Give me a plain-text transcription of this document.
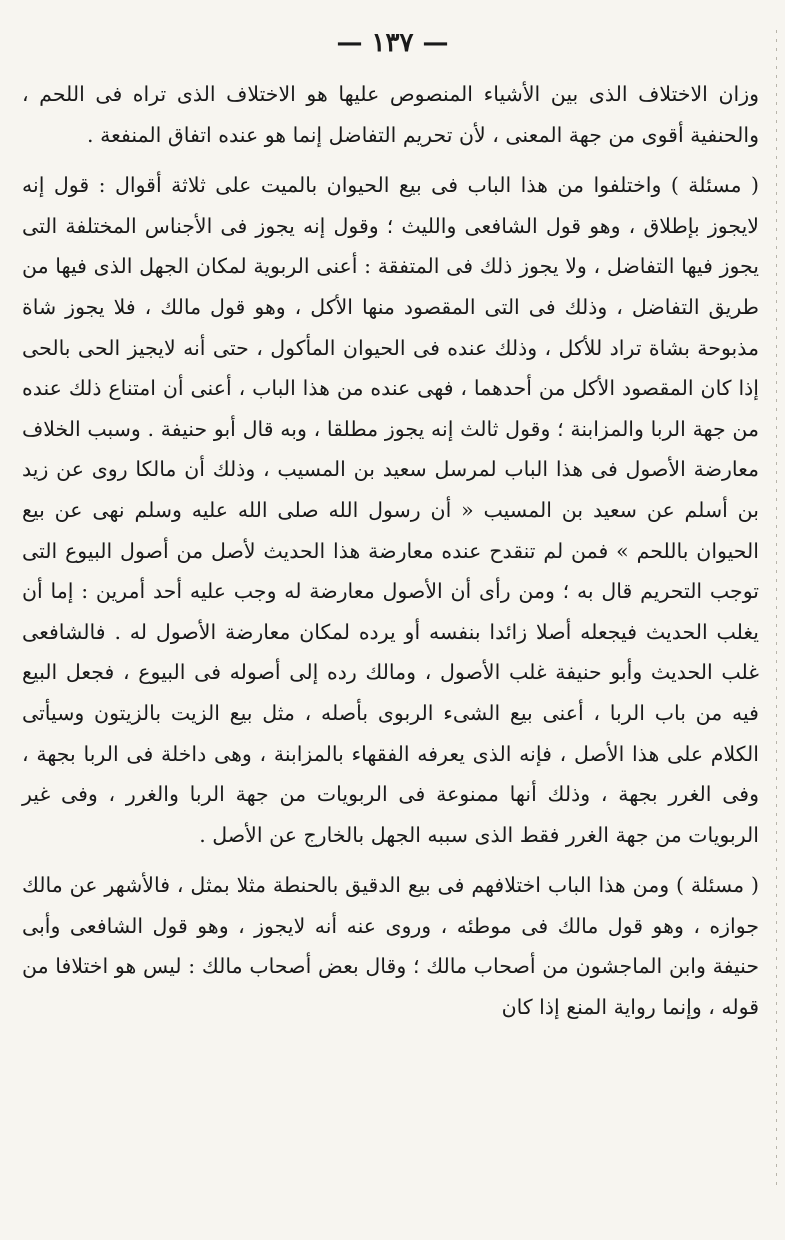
— ١٣٧ —

وزان الاختلاف الذى بين الأشياء المنصوص عليها هو الاختلاف الذى تراه فى اللحم ، والحنفية أقوى من جهة المعنى ، لأن تحريم التفاضل إنما هو عنده اتفاق المنفعة .

( مسئلة ) واختلفوا من هذا الباب فى بيع الحيوان بالميت على ثلاثة أقوال : قول إنه لايجوز بإطلاق ، وهو قول الشافعى والليث ؛ وقول إنه يجوز فى الأجناس المختلفة التى يجوز فيها التفاضل ، ولا يجوز ذلك فى المتفقة : أعنى الربوية لمكان الجهل الذى فيها من طريق التفاضل ، وذلك فى التى المقصود منها الأكل ، وهو قول مالك ، فلا يجوز شاة مذبوحة بشاة تراد للأكل ، وذلك عنده فى الحيوان المأكول ، حتى أنه لايجيز الحى بالحى إذا كان المقصود الأكل من أحدهما ، فهى عنده من هذا الباب ، أعنى أن امتناع ذلك عنده من جهة الربا والمزابنة ؛ وقول ثالث إنه يجوز مطلقا ، وبه قال أبو حنيفة . وسبب الخلاف معارضة الأصول فى هذا الباب لمرسل سعيد بن المسيب ، وذلك أن مالكا روى عن زيد بن أسلم عن سعيد بن المسيب « أن رسول الله صلى الله عليه وسلم نهى عن بيع الحيوان باللحم » فمن لم تنقدح عنده معارضة هذا الحديث لأصل من أصول البيوع التى توجب التحريم قال به ؛ ومن رأى أن الأصول معارضة له وجب عليه أحد أمرين : إما أن يغلب الحديث فيجعله أصلا زائدا بنفسه أو يرده لمكان معارضة الأصول له . فالشافعى غلب الحديث وأبو حنيفة غلب الأصول ، ومالك رده إلى أصوله فى البيوع ، فجعل البيع فيه من باب الربا ، أعنى بيع الشىء الربوى بأصله ، مثل بيع الزيت بالزيتون وسيأتى الكلام على هذا الأصل ، فإنه الذى يعرفه الفقهاء بالمزابنة ، وهى داخلة فى الربا بجهة ، وفى الغرر بجهة ، وذلك أنها ممنوعة فى الربويات من جهة الربا والغرر ، وفى غير الربويات من جهة الغرر فقط الذى سببه الجهل بالخارج عن الأصل .

( مسئلة ) ومن هذا الباب اختلافهم فى بيع الدقيق بالحنطة مثلا بمثل ، فالأشهر عن مالك جوازه ، وهو قول مالك فى موطئه ، وروى عنه أنه لايجوز ، وهو قول الشافعى وأبى حنيفة وابن الماجشون من أصحاب مالك ؛ وقال بعض أصحاب مالك : ليس هو اختلافا من قوله ، وإنما رواية المنع إذا كان
